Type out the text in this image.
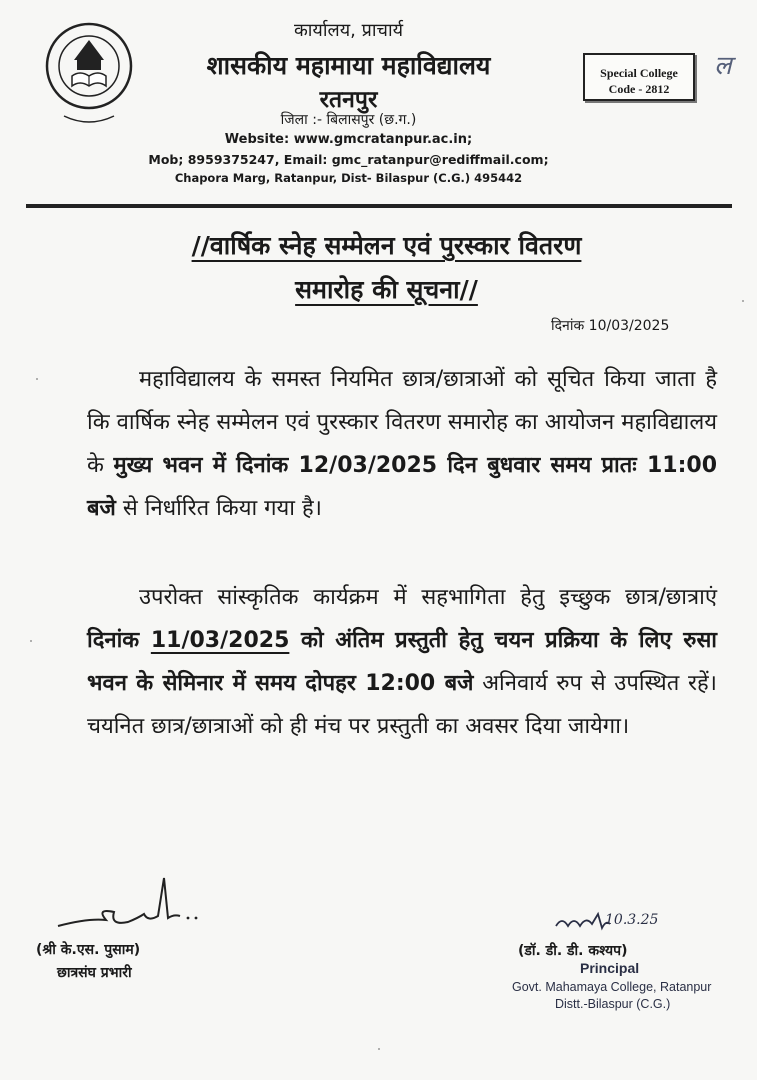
कार्यालय, प्राचार्य
शासकीय महामाया महाविद्यालय
रतनपुर
जिला :- बिलासपुर (छ.ग.)
Website: www.gmcratanpur.ac.in;
Mob; 8959375247, Email: gmc_ratanpur@rediffmail.com;
Chapora Marg, Ratanpur, Dist- Bilaspur (C.G.) 495442
Special College
Code - 2812
ल
//वार्षिक स्नेह सम्मेलन एवं पुरस्कार वितरण
समारोह की सूचना//
दिनांक 10/03/2025
महाविद्यालय के समस्त नियमित छात्र/छात्राओं को सूचित किया जाता है कि वार्षिक स्नेह सम्मेलन एवं पुरस्कार वितरण समारोह का आयोजन महाविद्यालय के मुख्य भवन में दिनांक 12/03/2025 दिन बुधवार समय प्रातः 11:00 बजे से निर्धारित किया गया है।
उपरोक्त सांस्कृतिक कार्यक्रम में सहभागिता हेतु इच्छुक छात्र/छात्राएं दिनांक 11/03/2025 को अंतिम प्रस्तुती हेतु चयन प्रक्रिया के लिए रुसा भवन के सेमिनार में समय दोपहर 12:00 बजे अनिवार्य रुप से उपस्थित रहें। चयनित छात्र/छात्राओं को ही मंच पर प्रस्तुती का अवसर दिया जायेगा।
(श्री के.एस. पुसाम)
छात्रसंघ प्रभारी
10.3.25
(डॉ. डी. डी. कश्यप)
Principal
Govt. Mahamaya College, Ratanpur
Distt.-Bilaspur (C.G.)
